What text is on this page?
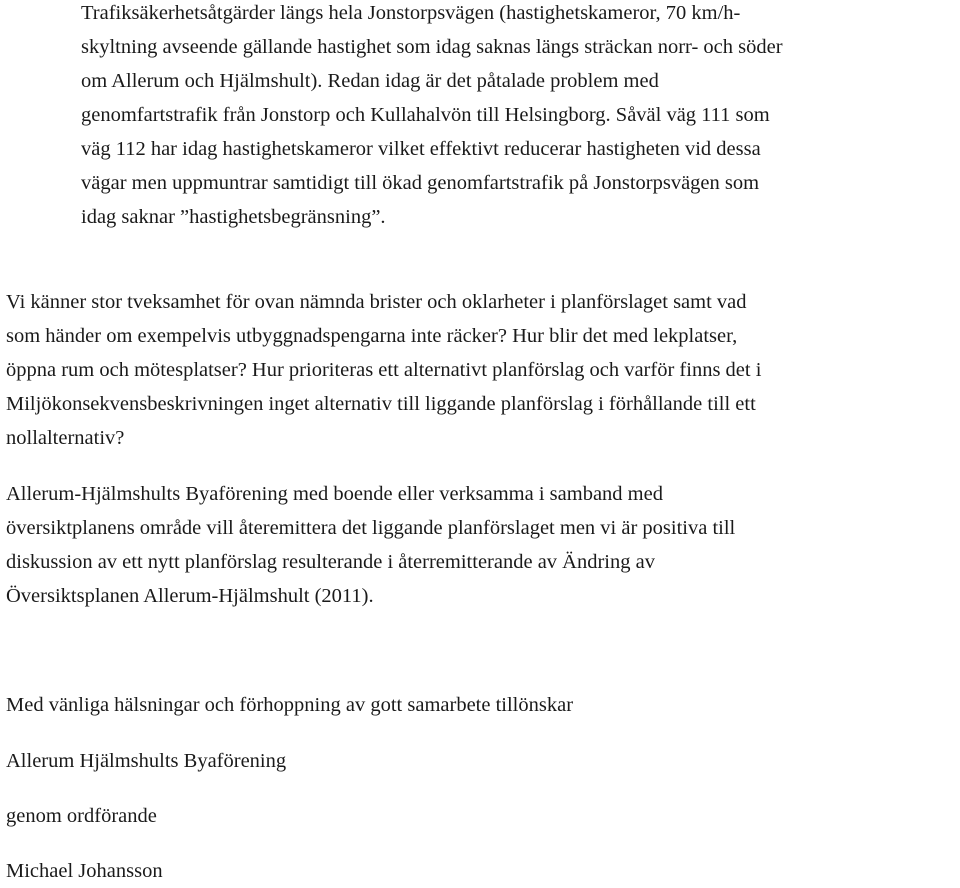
Trafiksäkerhetsåtgärder längs hela Jonstorpsvägen (hastighetskameror, 70 km/h-
skyltning avseende gällande hastighet som idag saknas längs sträckan norr- och söder
om Allerum och Hjälmshult). Redan idag är det påtalade problem med
genomfartstrafik från Jonstorp och Kullahalvön till Helsingborg. Såväl väg 111 som
väg 112 har idag hastighetskameror vilket effektivt reducerar hastigheten vid dessa
vägar men uppmuntrar samtidigt till ökad genomfartstrafik på Jonstorpsvägen som
idag saknar ”hastighetsbegränsning”.

Vi känner stor tveksamhet för ovan nämnda brister och oklarheter i planförslaget samt vad
som händer om exempelvis utbyggnadspengarna inte räcker? Hur blir det med lekplatser,
öppna rum och mötesplatser? Hur prioriteras ett alternativt planförslag och varför finns det i
Miljökonsekvensbeskrivningen inget alternativ till liggande planförslag i förhållande till ett
nollalternativ?

Allerum-Hjälmshults Byaförening med boende eller verksamma i samband med
översiktplanens område vill återemittera det liggande planförslaget men vi är positiva till
diskussion av ett nytt planförslag resulterande i återremitterande av Ändring av
Översiktsplanen Allerum-Hjälmshult (2011).

Med vänliga hälsningar och förhoppning av gott samarbete tillönskar

Allerum Hjälmshults Byaförening

genom ordförande

Michael Johansson
